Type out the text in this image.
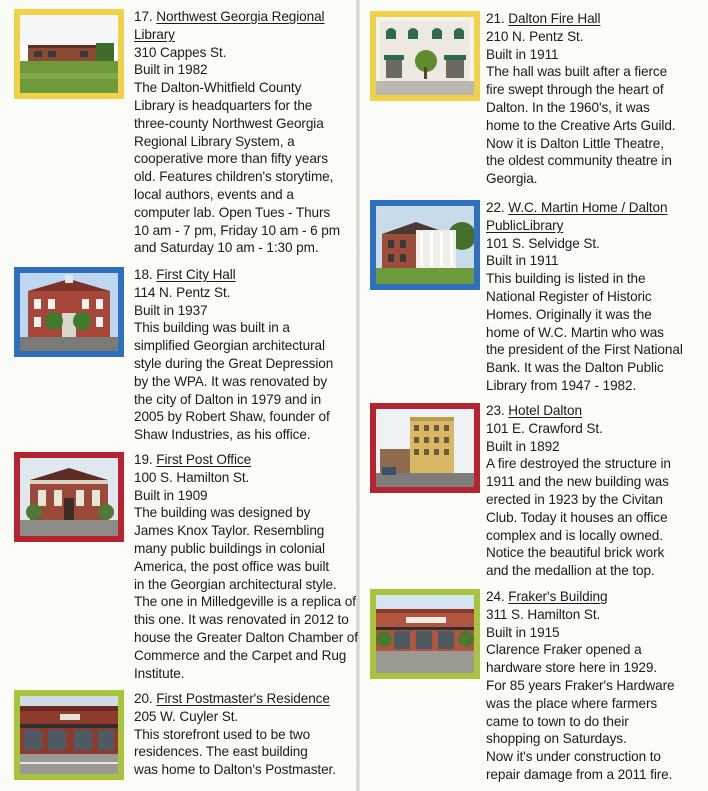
17. Northwest Georgia Regional
Library
310 Cappes St.
Built in 1982
The Dalton-Whitfield County
Library is headquarters for the
three-county Northwest Georgia
Regional Library System, a
cooperative more than fifty years
old. Features children's storytime,
local authors, events and a
computer lab. Open Tues - Thurs
10 am - 7 pm, Friday 10 am - 6 pm
and Saturday 10 am - 1:30 pm.
18. First City Hall
114 N. Pentz St.
Built in 1937
This building was built in a
simplified Georgian architectural
style during the Great Depression
by the WPA. It was renovated by
the city of Dalton in 1979 and in
2005 by Robert Shaw, founder of
Shaw Industries, as his office.
19. First Post Office
100 S. Hamilton St.
Built in 1909
The building was designed by
James Knox Taylor. Resembling
many public buildings in colonial
America, the post office was built
in the Georgian architectural style.
The one in Milledgeville is a replica of
this one. It was renovated in 2012 to
house the Greater Dalton Chamber of
Commerce and the Carpet and Rug
Institute.
20. First Postmaster's Residence
205 W. Cuyler St.
This storefront used to be two
residences. The east building
was home to Dalton's Postmaster.
21. Dalton Fire Hall
210 N. Pentz St.
Built in 1911
The hall was built after a fierce
fire swept through the heart of
Dalton. In the 1960's, it was
home to the Creative Arts Guild.
Now it is Dalton Little Theatre,
the oldest community theatre in
Georgia.
22. W.C. Martin Home / Dalton
PublicLibrary
101 S. Selvidge St.
Built in 1911
This building is listed in the
National Register of Historic
Homes. Originally it was the
home of W.C. Martin who was
the president of the First National
Bank. It was the Dalton Public
Library from 1947 - 1982.
23. Hotel Dalton
101 E. Crawford St.
Built in 1892
A fire destroyed the structure in
1911 and the new building was
erected in 1923 by the Civitan
Club. Today it houses an office
complex and is locally owned.
Notice the beautiful brick work
and the medallion at the top.
24. Fraker's Building
311 S. Hamilton St.
Built in 1915
Clarence Fraker opened a
hardware store here in 1929.
For 85 years Fraker's Hardware
was the place where farmers
came to town to do their
shopping on Saturdays.
Now it's under construction to
repair damage from a 2011 fire.
